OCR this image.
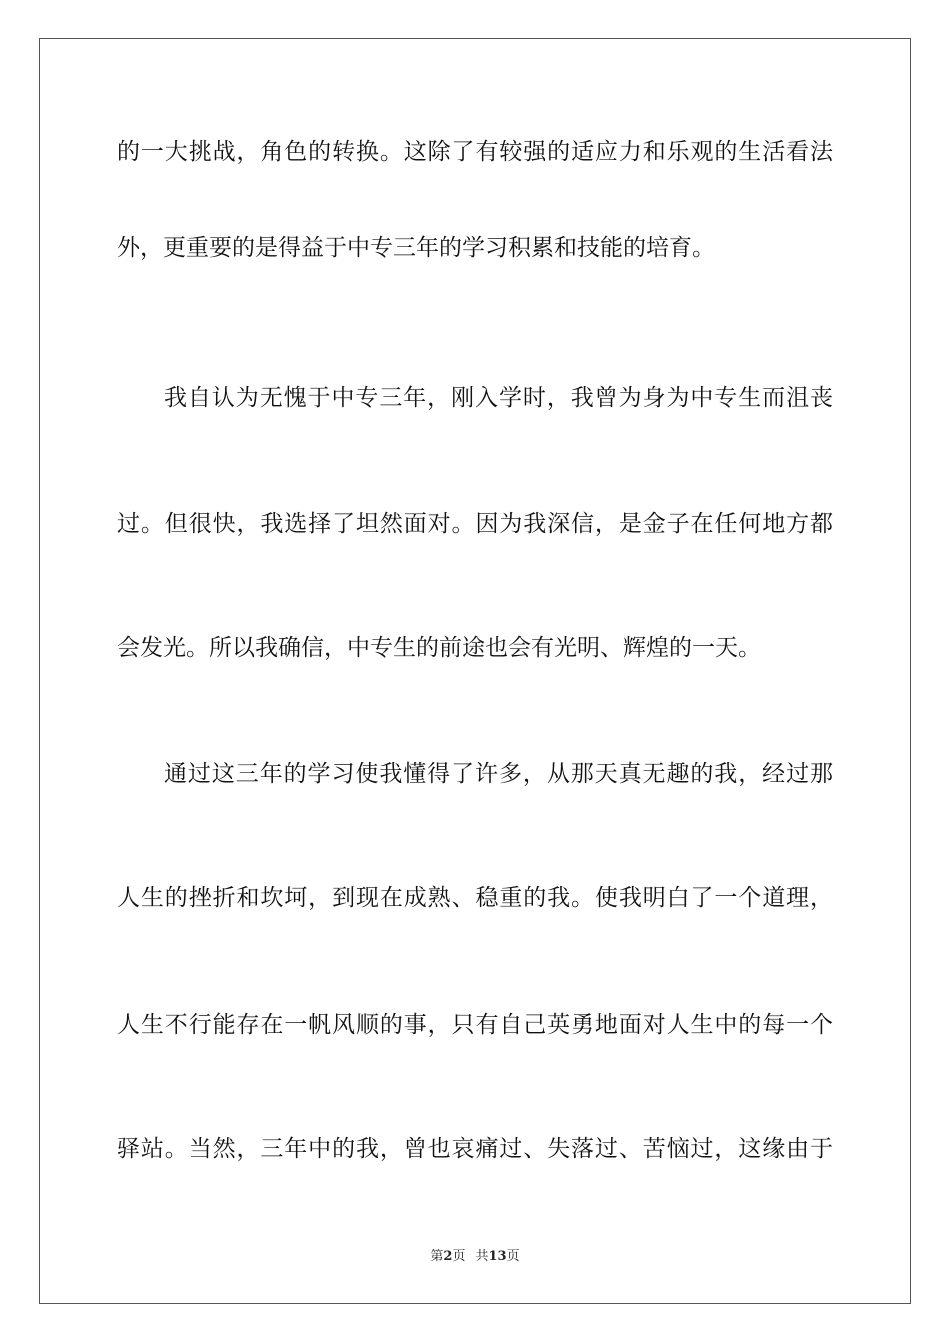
的一大挑战，角色的转换。这除了有较强的适应力和乐观的生活看法
外，更重要的是得益于中专三年的学习积累和技能的培育。
我自认为无愧于中专三年，刚入学时，我曾为身为中专生而沮丧
过。但很快，我选择了坦然面对。因为我深信，是金子在任何地方都
会发光。所以我确信，中专生的前途也会有光明、辉煌的一天。
通过这三年的学习使我懂得了许多，从那天真无趣的我，经过那
人生的挫折和坎坷，到现在成熟、稳重的我。使我明白了一个道理，
人生不行能存在一帆风顺的事，只有自己英勇地面对人生中的每一个
驿站。当然，三年中的我，曾也哀痛过、失落过、苦恼过，这缘由于
第2页 共13页
